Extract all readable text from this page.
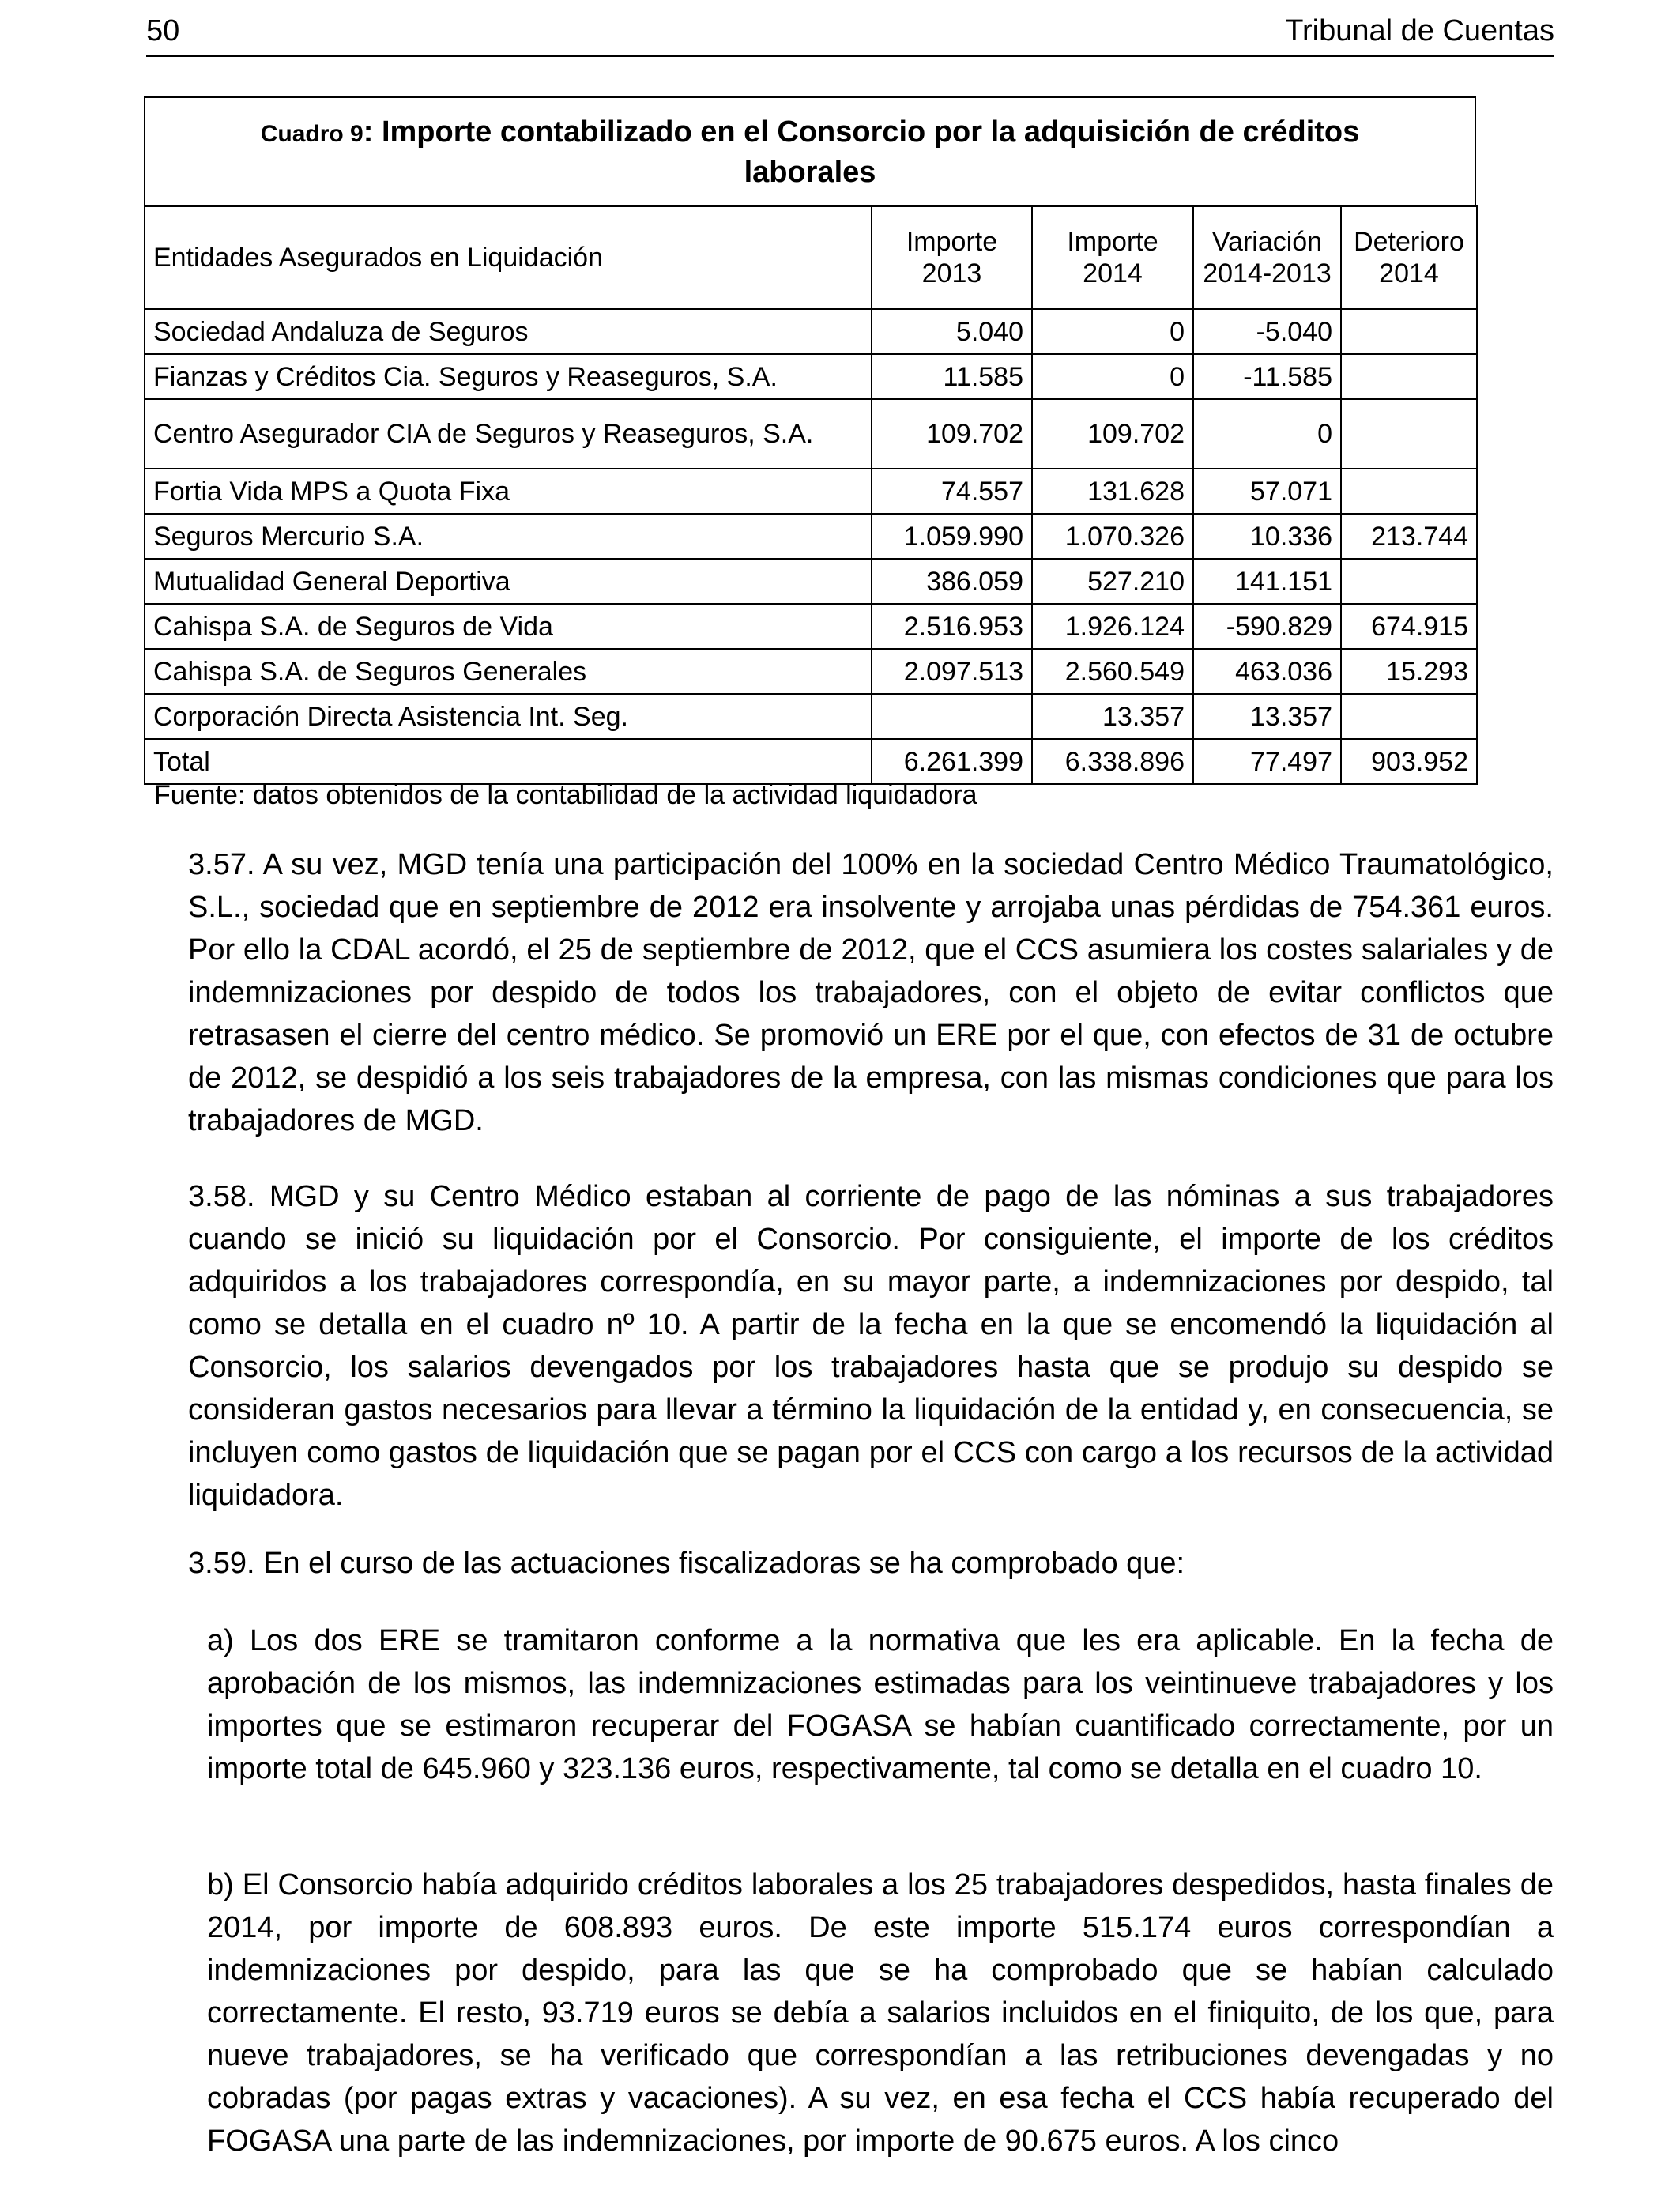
50	Tribunal de Cuentas
Cuadro 9: Importe contabilizado en el Consorcio por la adquisición de créditos laborales
Entidades Asegurados en Liquidación	Importe 2013	Importe 2014	Variación 2014-2013	Deterioro 2014
Sociedad Andaluza de Seguros	5.040	0	-5.040	
Fianzas y Créditos Cia. Seguros y Reaseguros, S.A.	11.585	0	-11.585	
Centro Asegurador CIA de Seguros y Reaseguros, S.A.	109.702	109.702	0	
Fortia Vida MPS a Quota Fixa	74.557	131.628	57.071	
Seguros Mercurio S.A.	1.059.990	1.070.326	10.336	213.744
Mutualidad General Deportiva	386.059	527.210	141.151	
Cahispa S.A. de Seguros de Vida	2.516.953	1.926.124	-590.829	674.915
Cahispa S.A. de Seguros Generales	2.097.513	2.560.549	463.036	15.293
Corporación Directa Asistencia Int. Seg.		13.357	13.357	
Total	6.261.399	6.338.896	77.497	903.952
Fuente: datos obtenidos de la contabilidad de la actividad liquidadora

3.57. A su vez, MGD tenía una participación del 100% en la sociedad Centro Médico Traumatológico, S.L., sociedad que en septiembre de 2012 era insolvente y arrojaba unas pérdidas de 754.361 euros. Por ello la CDAL acordó, el 25 de septiembre de 2012, que el CCS asumiera los costes salariales y de indemnizaciones por despido de todos los trabajadores, con el objeto de evitar conflictos que retrasasen el cierre del centro médico. Se promovió un ERE por el que, con efectos de 31 de octubre de 2012, se despidió a los seis trabajadores de la empresa, con las mismas condiciones que para los trabajadores de MGD.

3.58. MGD y su Centro Médico estaban al corriente de pago de las nóminas a sus trabajadores cuando se inició su liquidación por el Consorcio. Por consiguiente, el importe de los créditos adquiridos a los trabajadores correspondía, en su mayor parte, a indemnizaciones por despido, tal como se detalla en el cuadro nº 10. A partir de la fecha en la que se encomendó la liquidación al Consorcio, los salarios devengados por los trabajadores hasta que se produjo su despido se consideran gastos necesarios para llevar a término la liquidación de la entidad y, en consecuencia, se incluyen como gastos de liquidación que se pagan por el CCS con cargo a los recursos de la actividad liquidadora.

3.59. En el curso de las actuaciones fiscalizadoras se ha comprobado que:

a) Los dos ERE se tramitaron conforme a la normativa que les era aplicable. En la fecha de aprobación de los mismos, las indemnizaciones estimadas para los veintinueve trabajadores y los importes que se estimaron recuperar del FOGASA se habían cuantificado correctamente, por un importe total de 645.960 y 323.136 euros, respectivamente, tal como se detalla en el cuadro 10.

b) El Consorcio había adquirido créditos laborales a los 25 trabajadores despedidos, hasta finales de 2014, por importe de 608.893 euros. De este importe 515.174 euros correspondían a indemnizaciones por despido, para las que se ha comprobado que se habían calculado correctamente. El resto, 93.719 euros se debía a salarios incluidos en el finiquito, de los que, para nueve trabajadores, se ha verificado que correspondían a las retribuciones devengadas y no cobradas (por pagas extras y vacaciones). A su vez, en esa fecha el CCS había recuperado del FOGASA una parte de las indemnizaciones, por importe de 90.675 euros. A los cinco
